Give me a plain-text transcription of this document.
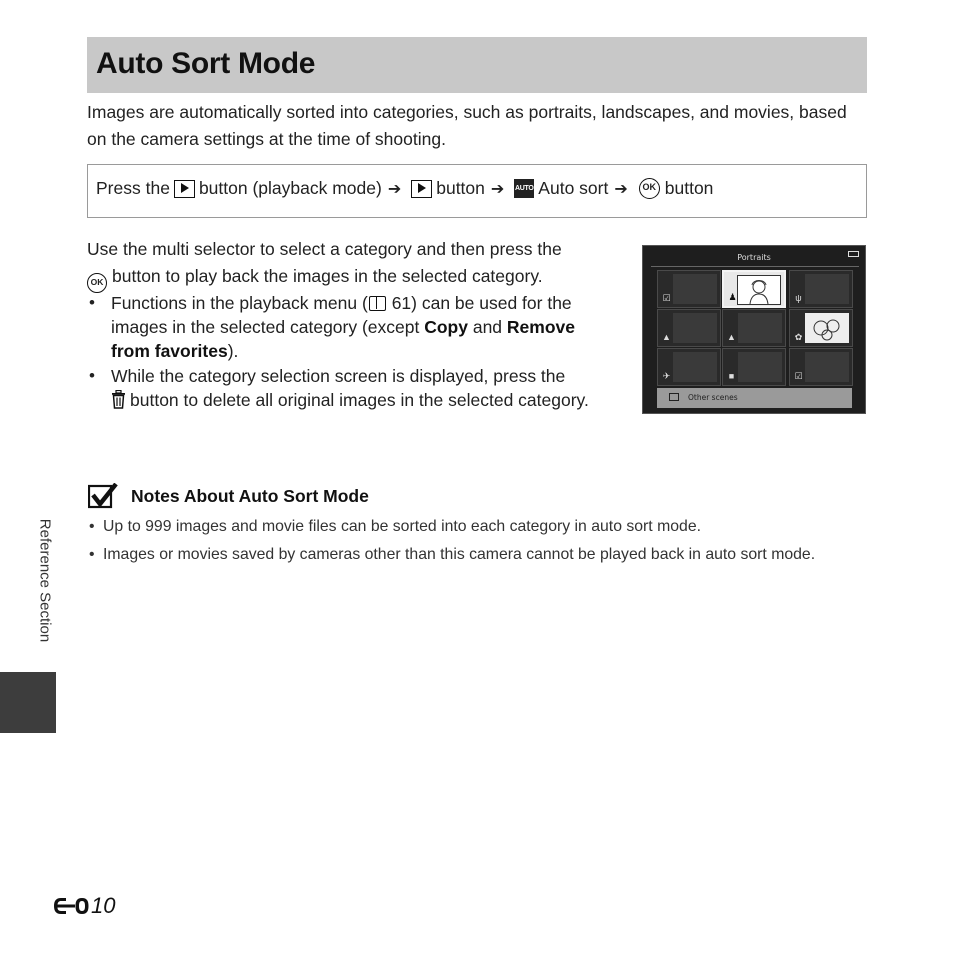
Auto Sort Mode

Images are automatically sorted into categories, such as portraits, landscapes, and movies, based on the camera settings at the time of shooting.

Press the button (playback mode) ➔ button ➔ AUTO Auto sort ➔	OK button
Use the multi selector to select a category and then press the
OK button to play back the images in the selected category.
• Functions in the playback menu ( 61) can be used for the images in the selected category (except Copy and Remove from favorites).
• While the category selection screen is displayed, press the
button to delete all original images in the selected category.
Portraits
☑	♟	ψ
▲	▲	✿
✈	■	☑
Other scenes
Notes About Auto Sort Mode
• Up to 999 images and movie files can be sorted into each category in auto sort mode.
• Images or movies saved by cameras other than this camera cannot be played back in auto sort mode.
Reference Section
10
